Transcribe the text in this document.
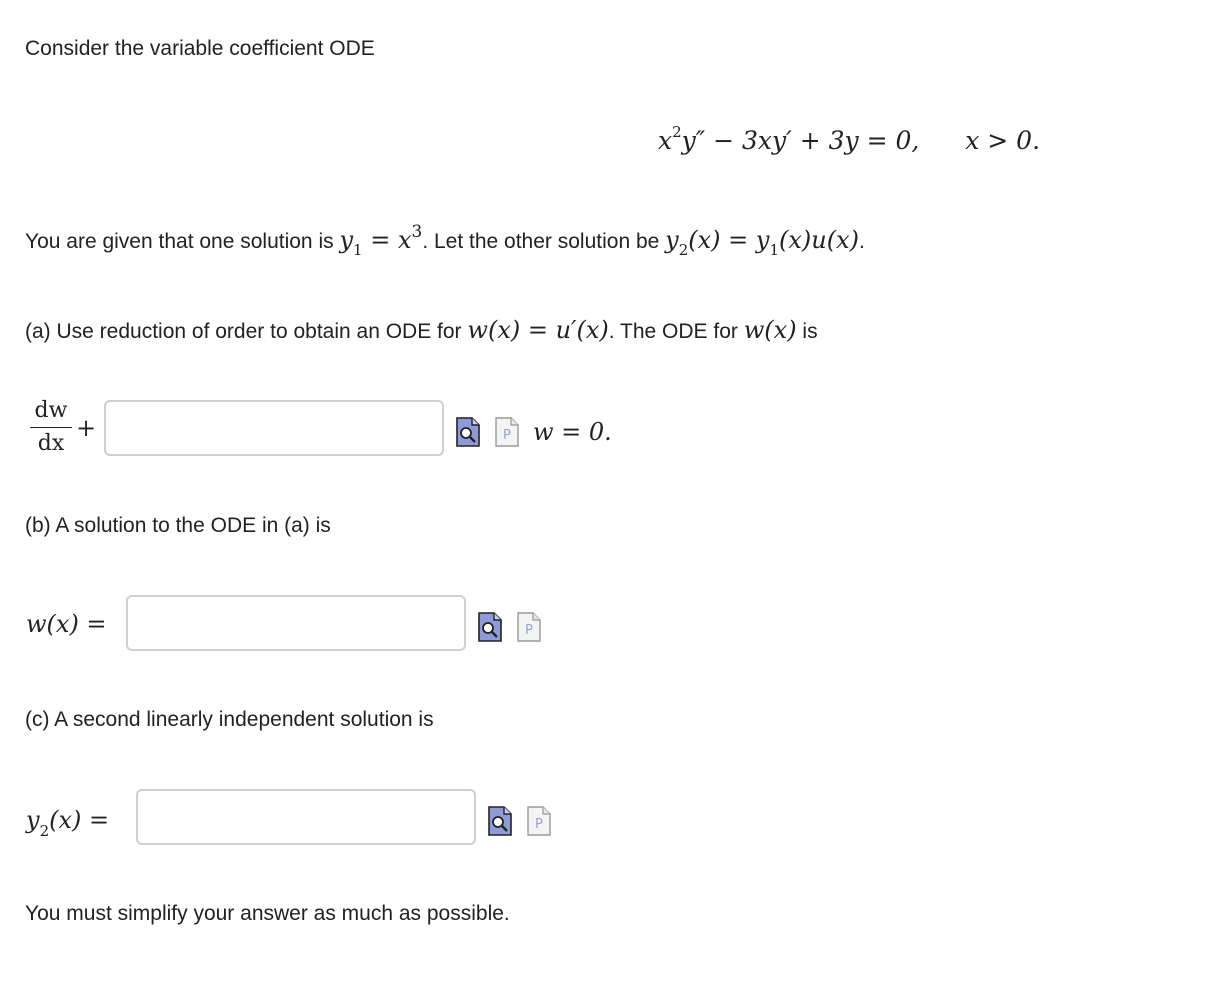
Consider the variable coefficient ODE
$x^2y'' - 3xy' + 3y = 0$, x > 0.
You are given that one solution is $y_1 = x^3$. Let the other solution be $y_2(x) = y_1(x)u(x)$.
(a) Use reduction of order to obtain an ODE for w(x) = u′(x). The ODE for w(x) is
dw
dx
+	P w = 0.
(b) A solution to the ODE in (a) is
w(x) =	P
(c) A second linearly independent solution is
$y_2(x)$ =	P
You must simplify your answer as much as possible.
